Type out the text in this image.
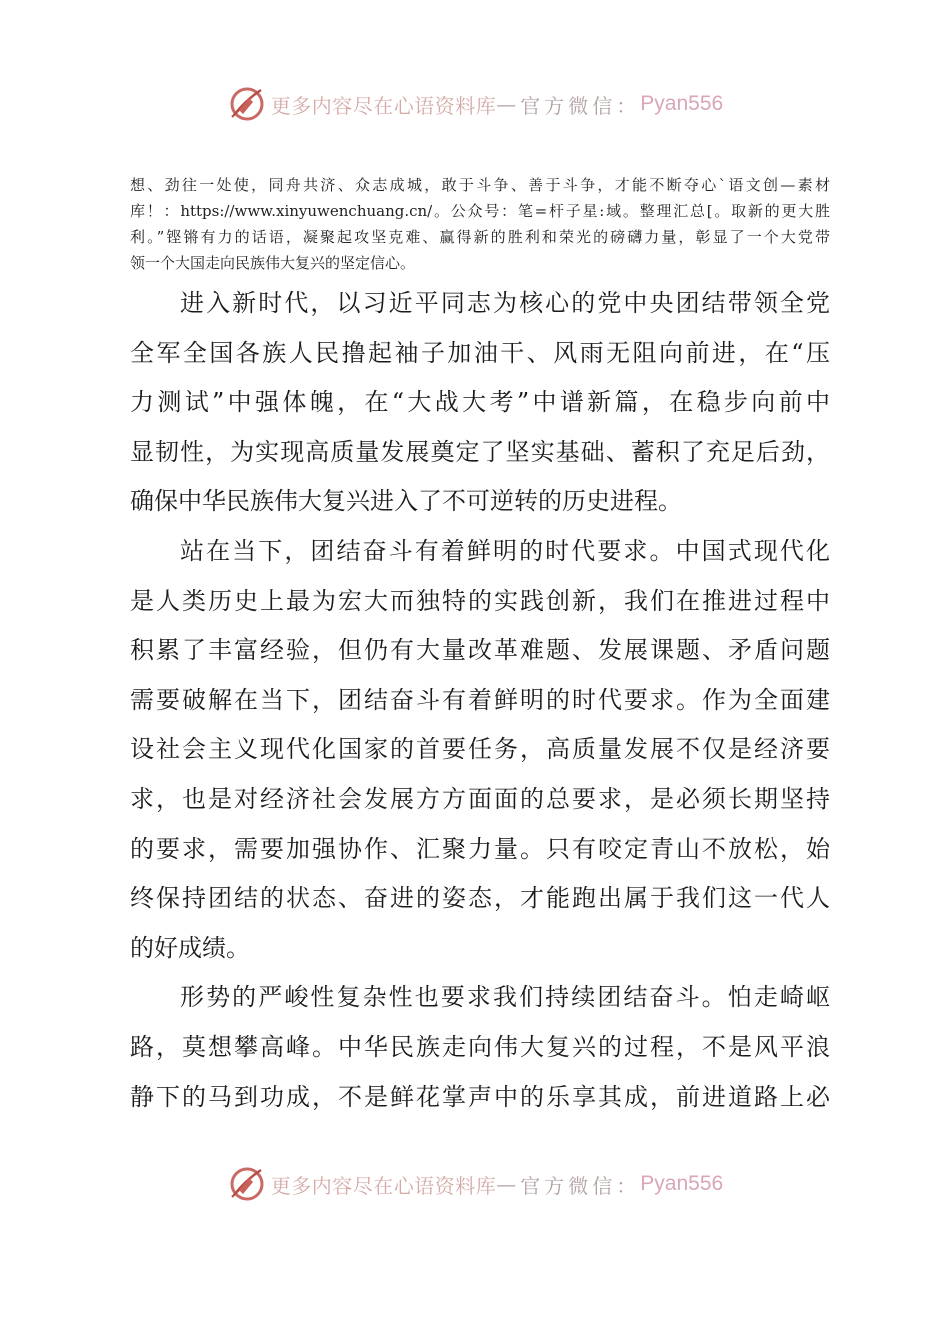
更多内容尽在心语资料库 — 官方微信： Pyan556
想、劲往一处使，同舟共济、众志成城，敢于斗争、善于斗争，才能不断夺心`语文创—素材
库！：https://www.xinyuwenchuang.cn/。公众号：笔=杆子星:域。整理汇总[。取新的更大胜
利。”铿锵有力的话语，凝聚起攻坚克难、赢得新的胜利和荣光的磅礴力量，彰显了一个大党带
领一个大国走向民族伟大复兴的坚定信心。
进入新时代，以习近平同志为核心的党中央团结带领全党
全军全国各族人民撸起袖子加油干、风雨无阻向前进，在“压
力测试”中强体魄，在“大战大考”中谱新篇，在稳步向前中
显韧性，为实现高质量发展奠定了坚实基础、蓄积了充足后劲，
确保中华民族伟大复兴进入了不可逆转的历史进程。
站在当下，团结奋斗有着鲜明的时代要求。中国式现代化
是人类历史上最为宏大而独特的实践创新，我们在推进过程中
积累了丰富经验，但仍有大量改革难题、发展课题、矛盾问题
需要破解在当下，团结奋斗有着鲜明的时代要求。作为全面建
设社会主义现代化国家的首要任务，高质量发展不仅是经济要
求，也是对经济社会发展方方面面的总要求，是必须长期坚持
的要求，需要加强协作、汇聚力量。只有咬定青山不放松，始
终保持团结的状态、奋进的姿态，才能跑出属于我们这一代人
的好成绩。
形势的严峻性复杂性也要求我们持续团结奋斗。怕走崎岖
路，莫想攀高峰。中华民族走向伟大复兴的过程，不是风平浪
静下的马到功成，不是鲜花掌声中的乐享其成，前进道路上必
更多内容尽在心语资料库 — 官方微信： Pyan556
